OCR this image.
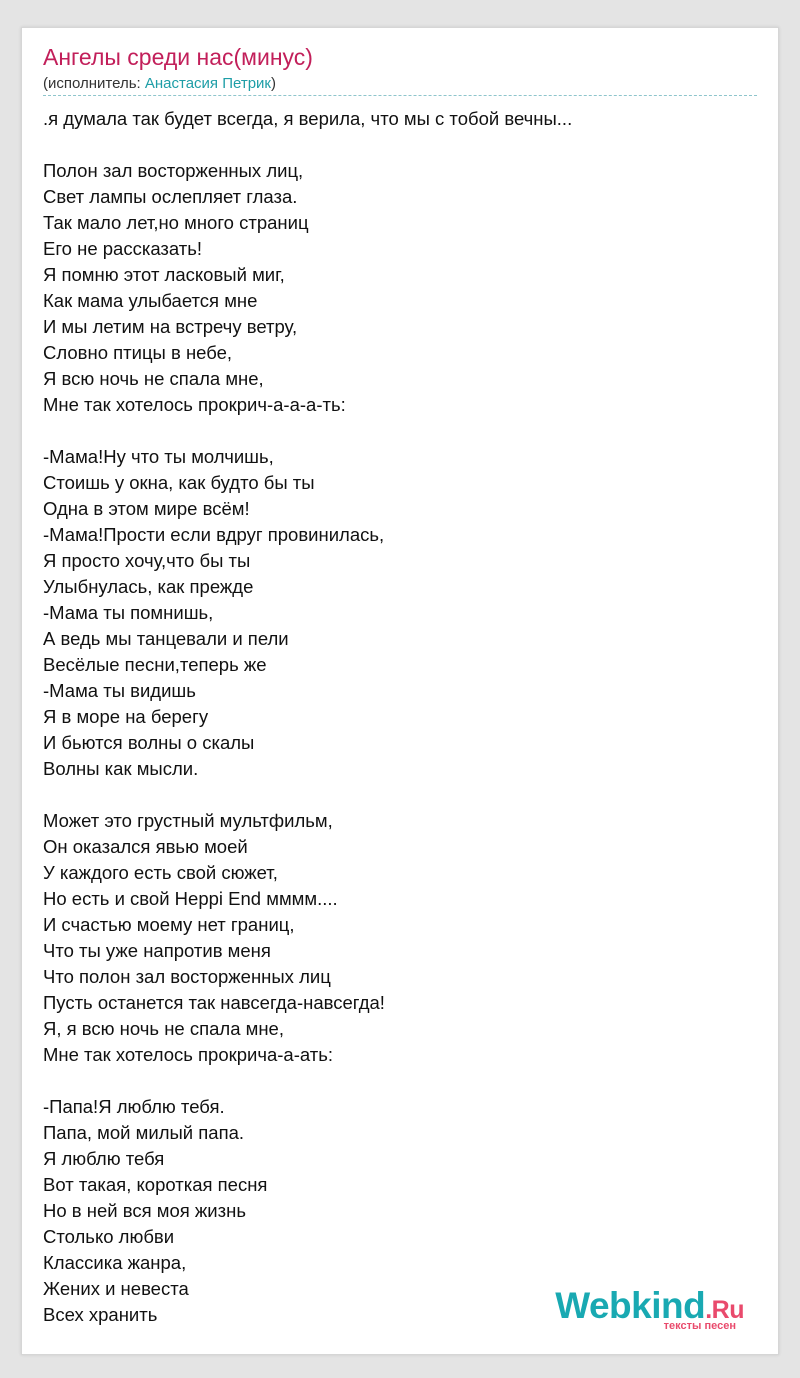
Ангелы среди нас(минус)
(исполнитель: Анастасия Петрик)
.я думала так будет всегда, я верила, что мы с тобой вечны...
Полон зал восторженных лиц,
Свет лампы ослепляет глаза.
Так мало лет,но много страниц
Его не рассказать!
Я помню этот ласковый миг,
Как мама улыбается мне
И мы летим на встречу ветру,
Словно птицы в небе,
Я всю ночь не спала мне,
Мне так хотелось прокрич-а-а-а-ть:
-Мама!Ну что ты молчишь,
Стоишь у окна, как будто бы ты
Одна в этом мире всём!
-Мама!Прости если вдруг провинилась,
Я просто хочу,что бы ты
Улыбнулась, как прежде
-Мама ты помнишь,
А ведь мы танцевали и пели
Весёлые песни,теперь же
-Мама ты видишь
Я в море на берегу
И бьются волны о скалы
Волны как мысли.
Может это грустный мультфильм,
Он оказался явью моей
У каждого есть свой сюжет,
Но есть и свой Heppi End мммм....
И счастью моему нет границ,
Что ты уже напротив меня
Что полон зал восторженных лиц
Пусть останется так навсегда-навсегда!
Я, я всю ночь не спала мне,
Мне так хотелось прокрича-а-ать:
-Папа!Я люблю тебя.
Папа, мой милый папа.
Я люблю тебя
Вот такая, короткая песня
Но в ней вся моя жизнь
Столько любви
Классика жанра,
Жених и невеста
Всех хранить	Webkind.Ru
тексты песен
